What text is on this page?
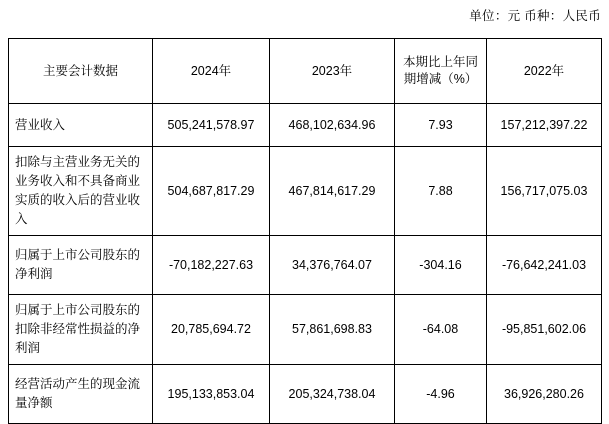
单位：元 币种：人民币
主要会计数据	2024年	2023年	本期比上年同期增减（%）	2022年
营业收入	505,241,578.97	468,102,634.96	7.93	157,212,397.22
扣除与主营业务无关的业务收入和不具备商业实质的收入后的营业收入	504,687,817.29	467,814,617.29	7.88	156,717,075.03
归属于上市公司股东的净利润	-70,182,227.63	34,376,764.07	-304.16	-76,642,241.03
归属于上市公司股东的扣除非经常性损益的净利润	20,785,694.72	57,861,698.83	-64.08	-95,851,602.06
经营活动产生的现金流量净额	195,133,853.04	205,324,738.04	-4.96	36,926,280.26
